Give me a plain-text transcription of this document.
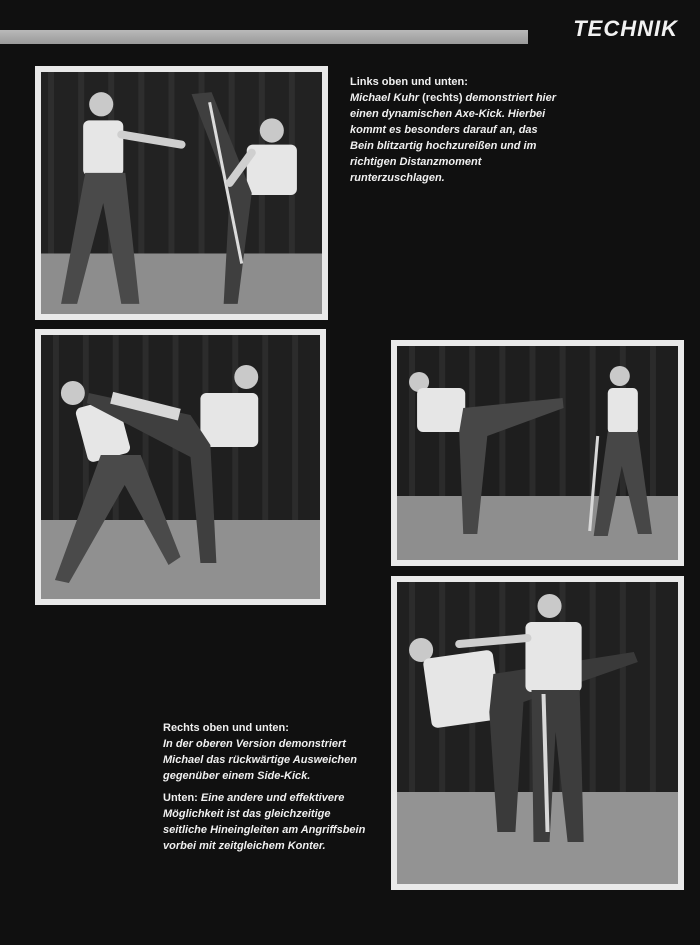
TECHNIK
Links oben und unten:
Michael Kuhr (rechts) demonstriert hier einen dynamischen Axe-Kick. Hierbei kommt es besonders darauf an, das Bein blitzartig hochzureißen und im richtigen Distanzmoment runterzuschlagen.

Rechts oben und unten:
In der oberen Version demonstriert Michael das rückwärtige Ausweichen gegenüber einem Side-Kick.

Unten: Eine andere und effektivere Möglichkeit ist das gleichzeitige seitliche Hineingleiten am Angriffsbein vorbei mit zeitgleichem Konter.
